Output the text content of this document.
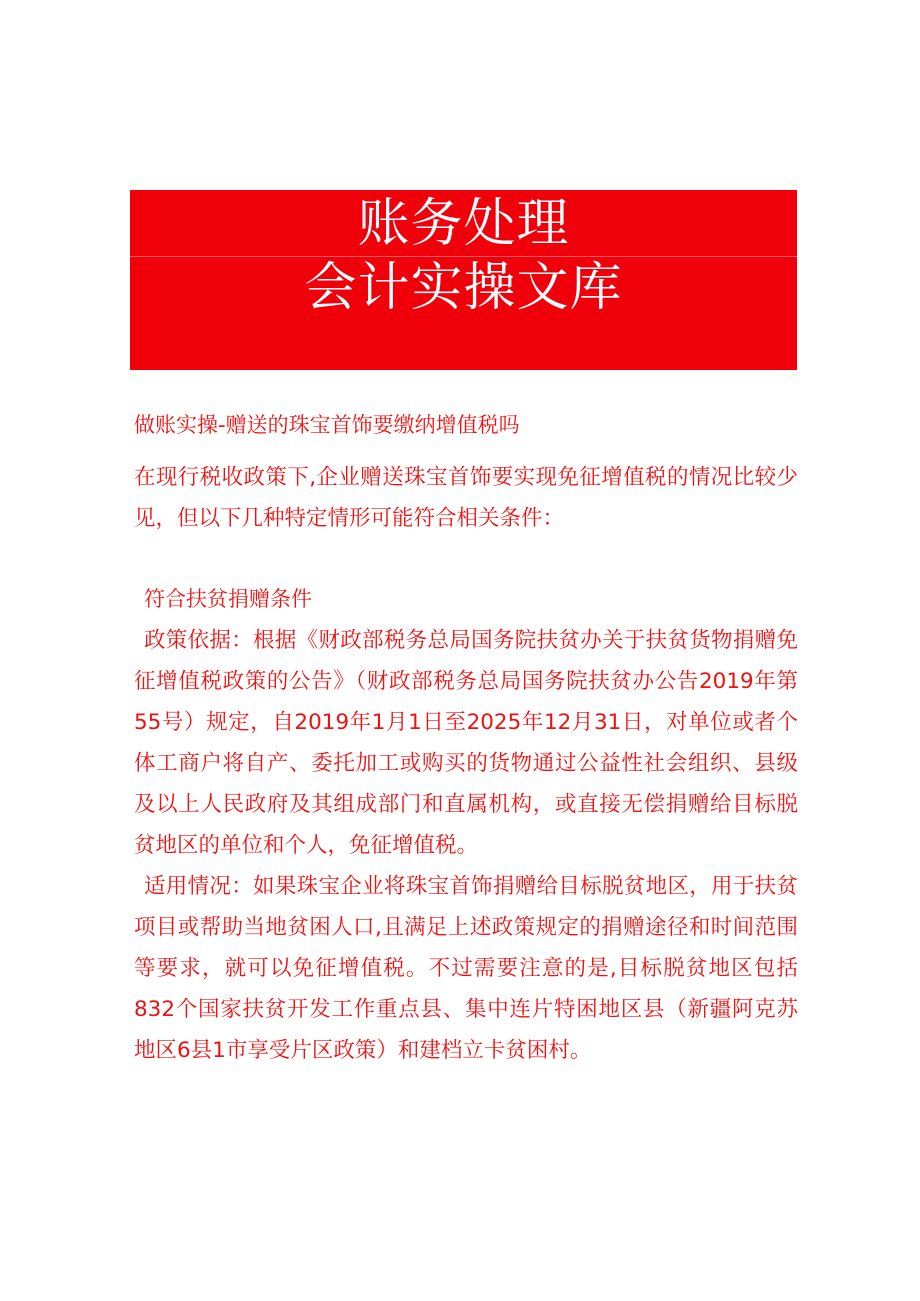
账务处理
会计实操文库

做账实操-赠送的珠宝首饰要缴纳增值税吗

在现行税收政策下,企业赠送珠宝首饰要实现免征增值税的情况比较少见，但以下几种特定情形可能符合相关条件：

符合扶贫捐赠条件

政策依据：根据《财政部税务总局国务院扶贫办关于扶贫货物捐赠免征增值税政策的公告》（财政部税务总局国务院扶贫办公告2019年第55号）规定，自2019年1月1日至2025年12月31日，对单位或者个体工商户将自产、委托加工或购买的货物通过公益性社会组织、县级及以上人民政府及其组成部门和直属机构，或直接无偿捐赠给目标脱贫地区的单位和个人，免征增值税。

适用情况：如果珠宝企业将珠宝首饰捐赠给目标脱贫地区，用于扶贫项目或帮助当地贫困人口,且满足上述政策规定的捐赠途径和时间范围等要求，就可以免征增值税。不过需要注意的是,目标脱贫地区包括832个国家扶贫开发工作重点县、集中连片特困地区县（新疆阿克苏地区6县1市享受片区政策）和建档立卡贫困村。
